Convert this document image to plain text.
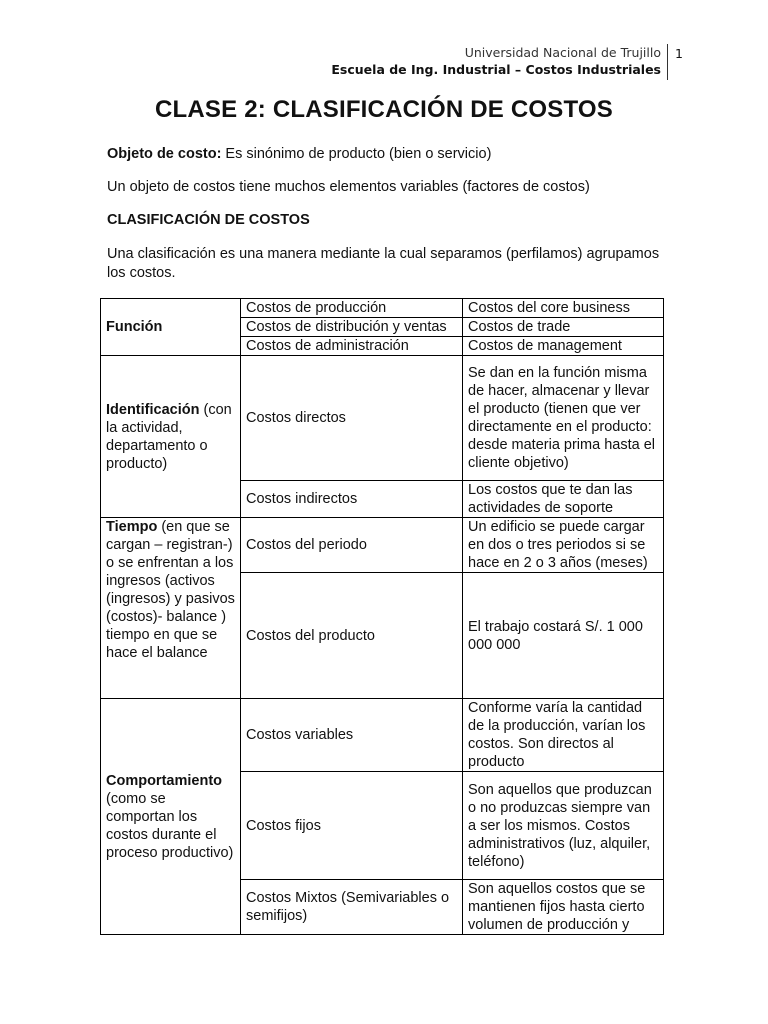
Universidad Nacional de Trujillo
Escuela de Ing. Industrial – Costos Industriales
1
CLASE 2: CLASIFICACIÓN DE COSTOS
Objeto de costo: Es sinónimo de producto (bien o servicio)
Un objeto de costos tiene muchos elementos variables (factores de costos)
CLASIFICACIÓN DE COSTOS
Una clasificación es una manera mediante la cual separamos (perfilamos) agrupamos los costos.
Función	Costos de producción	Costos del core business
	Costos de distribución y ventas	Costos de trade
	Costos de administración	Costos de management
Identificación (con la actividad, departamento o producto)	Costos directos	Se dan en la función misma de hacer, almacenar y llevar el producto (tienen que ver directamente en el producto: desde materia prima hasta el cliente objetivo)
	Costos indirectos	Los costos que te dan las actividades de soporte
Tiempo (en que se cargan – registran-) o se enfrentan a los ingresos (activos (ingresos) y pasivos (costos)- balance ) tiempo en que se hace el balance	Costos del periodo	Un edificio se puede cargar en dos o tres periodos si se hace en 2 o 3 años (meses)
	Costos del producto	El trabajo costará S/. 1 000 000 000
Comportamiento (como se comportan los costos durante el proceso productivo)	Costos variables	Conforme varía la cantidad de la producción, varían los costos. Son directos al producto
	Costos fijos	Son aquellos que produzcan o no produzcas siempre van a ser los mismos. Costos administrativos (luz, alquiler, teléfono)
	Costos Mixtos (Semivariables o semifijos)	Son aquellos costos que se mantienen fijos hasta cierto volumen de producción y
